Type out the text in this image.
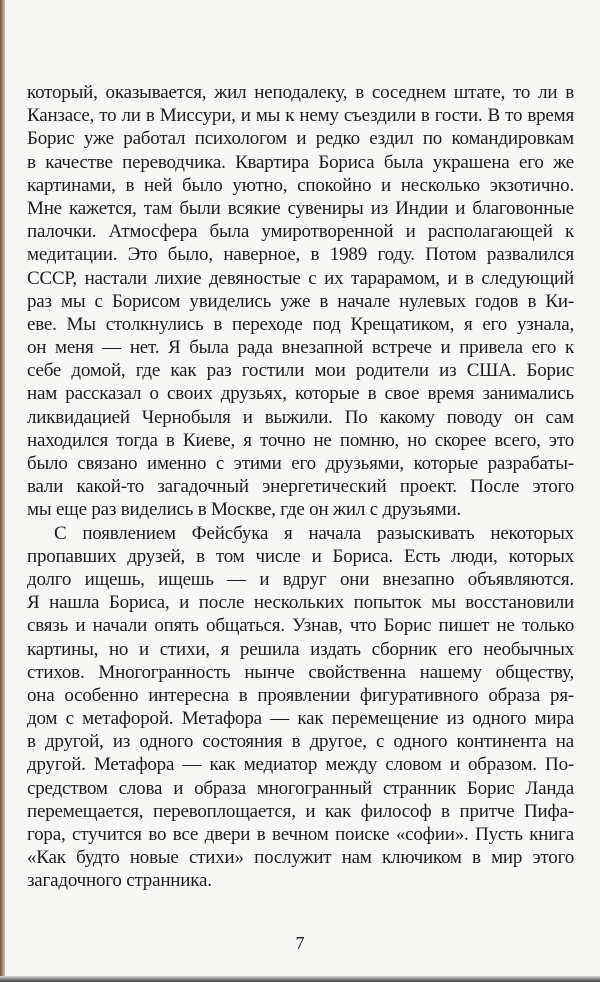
который, оказывается, жил неподалеку, в соседнем штате, то ли в
Канзасе, то ли в Миссури, и мы к нему съездили в гости. В то время
Борис уже работал психологом и редко ездил по командировкам
в качестве переводчика. Квартира Бориса была украшена его же
картинами, в ней было уютно, спокойно и несколько экзотично.
Мне кажется, там были всякие сувениры из Индии и благовонные
палочки. Атмосфера была умиротворенной и располагающей к
медитации. Это было, наверное, в 1989 году. Потом развалился
СССР, настали лихие девяностые с их тарарамом, и в следующий
раз мы с Борисом увиделись уже в начале нулевых годов в Ки-
еве. Мы столкнулись в переходе под Крещатиком, я его узнала,
он меня — нет. Я была рада внезапной встрече и привела его к
себе домой, где как раз гостили мои родители из США. Борис
нам рассказал о своих друзьях, которые в свое время занимались
ликвидацией Чернобыля и выжили. По какому поводу он сам
находился тогда в Киеве, я точно не помню, но скорее всего, это
было связано именно с этими его друзьями, которые разрабаты-
вали какой-то загадочный энергетический проект. После этого
мы еще раз виделись в Москве, где он жил с друзьями.
С появлением Фейсбука я начала разыскивать некоторых
пропавших друзей, в том числе и Бориса. Есть люди, которых
долго ищешь, ищешь — и вдруг они внезапно объявляются.
Я нашла Бориса, и после нескольких попыток мы восстановили
связь и начали опять общаться. Узнав, что Борис пишет не только
картины, но и стихи, я решила издать сборник его необычных
стихов. Многогранность нынче свойственна нашему обществу,
она особенно интересна в проявлении фигуративного образа ря-
дом с метафорой. Метафора — как перемещение из одного мира
в другой, из одного состояния в другое, с одного континента на
другой. Метафора — как медиатор между словом и образом. По-
средством слова и образа многогранный странник Борис Ланда
перемещается, перевоплощается, и как философ в притче Пифа-
гора, стучится во все двери в вечном поиске «софии». Пусть книга
«Как будто новые стихи» послужит нам ключиком в мир этого
загадочного странника.
7
